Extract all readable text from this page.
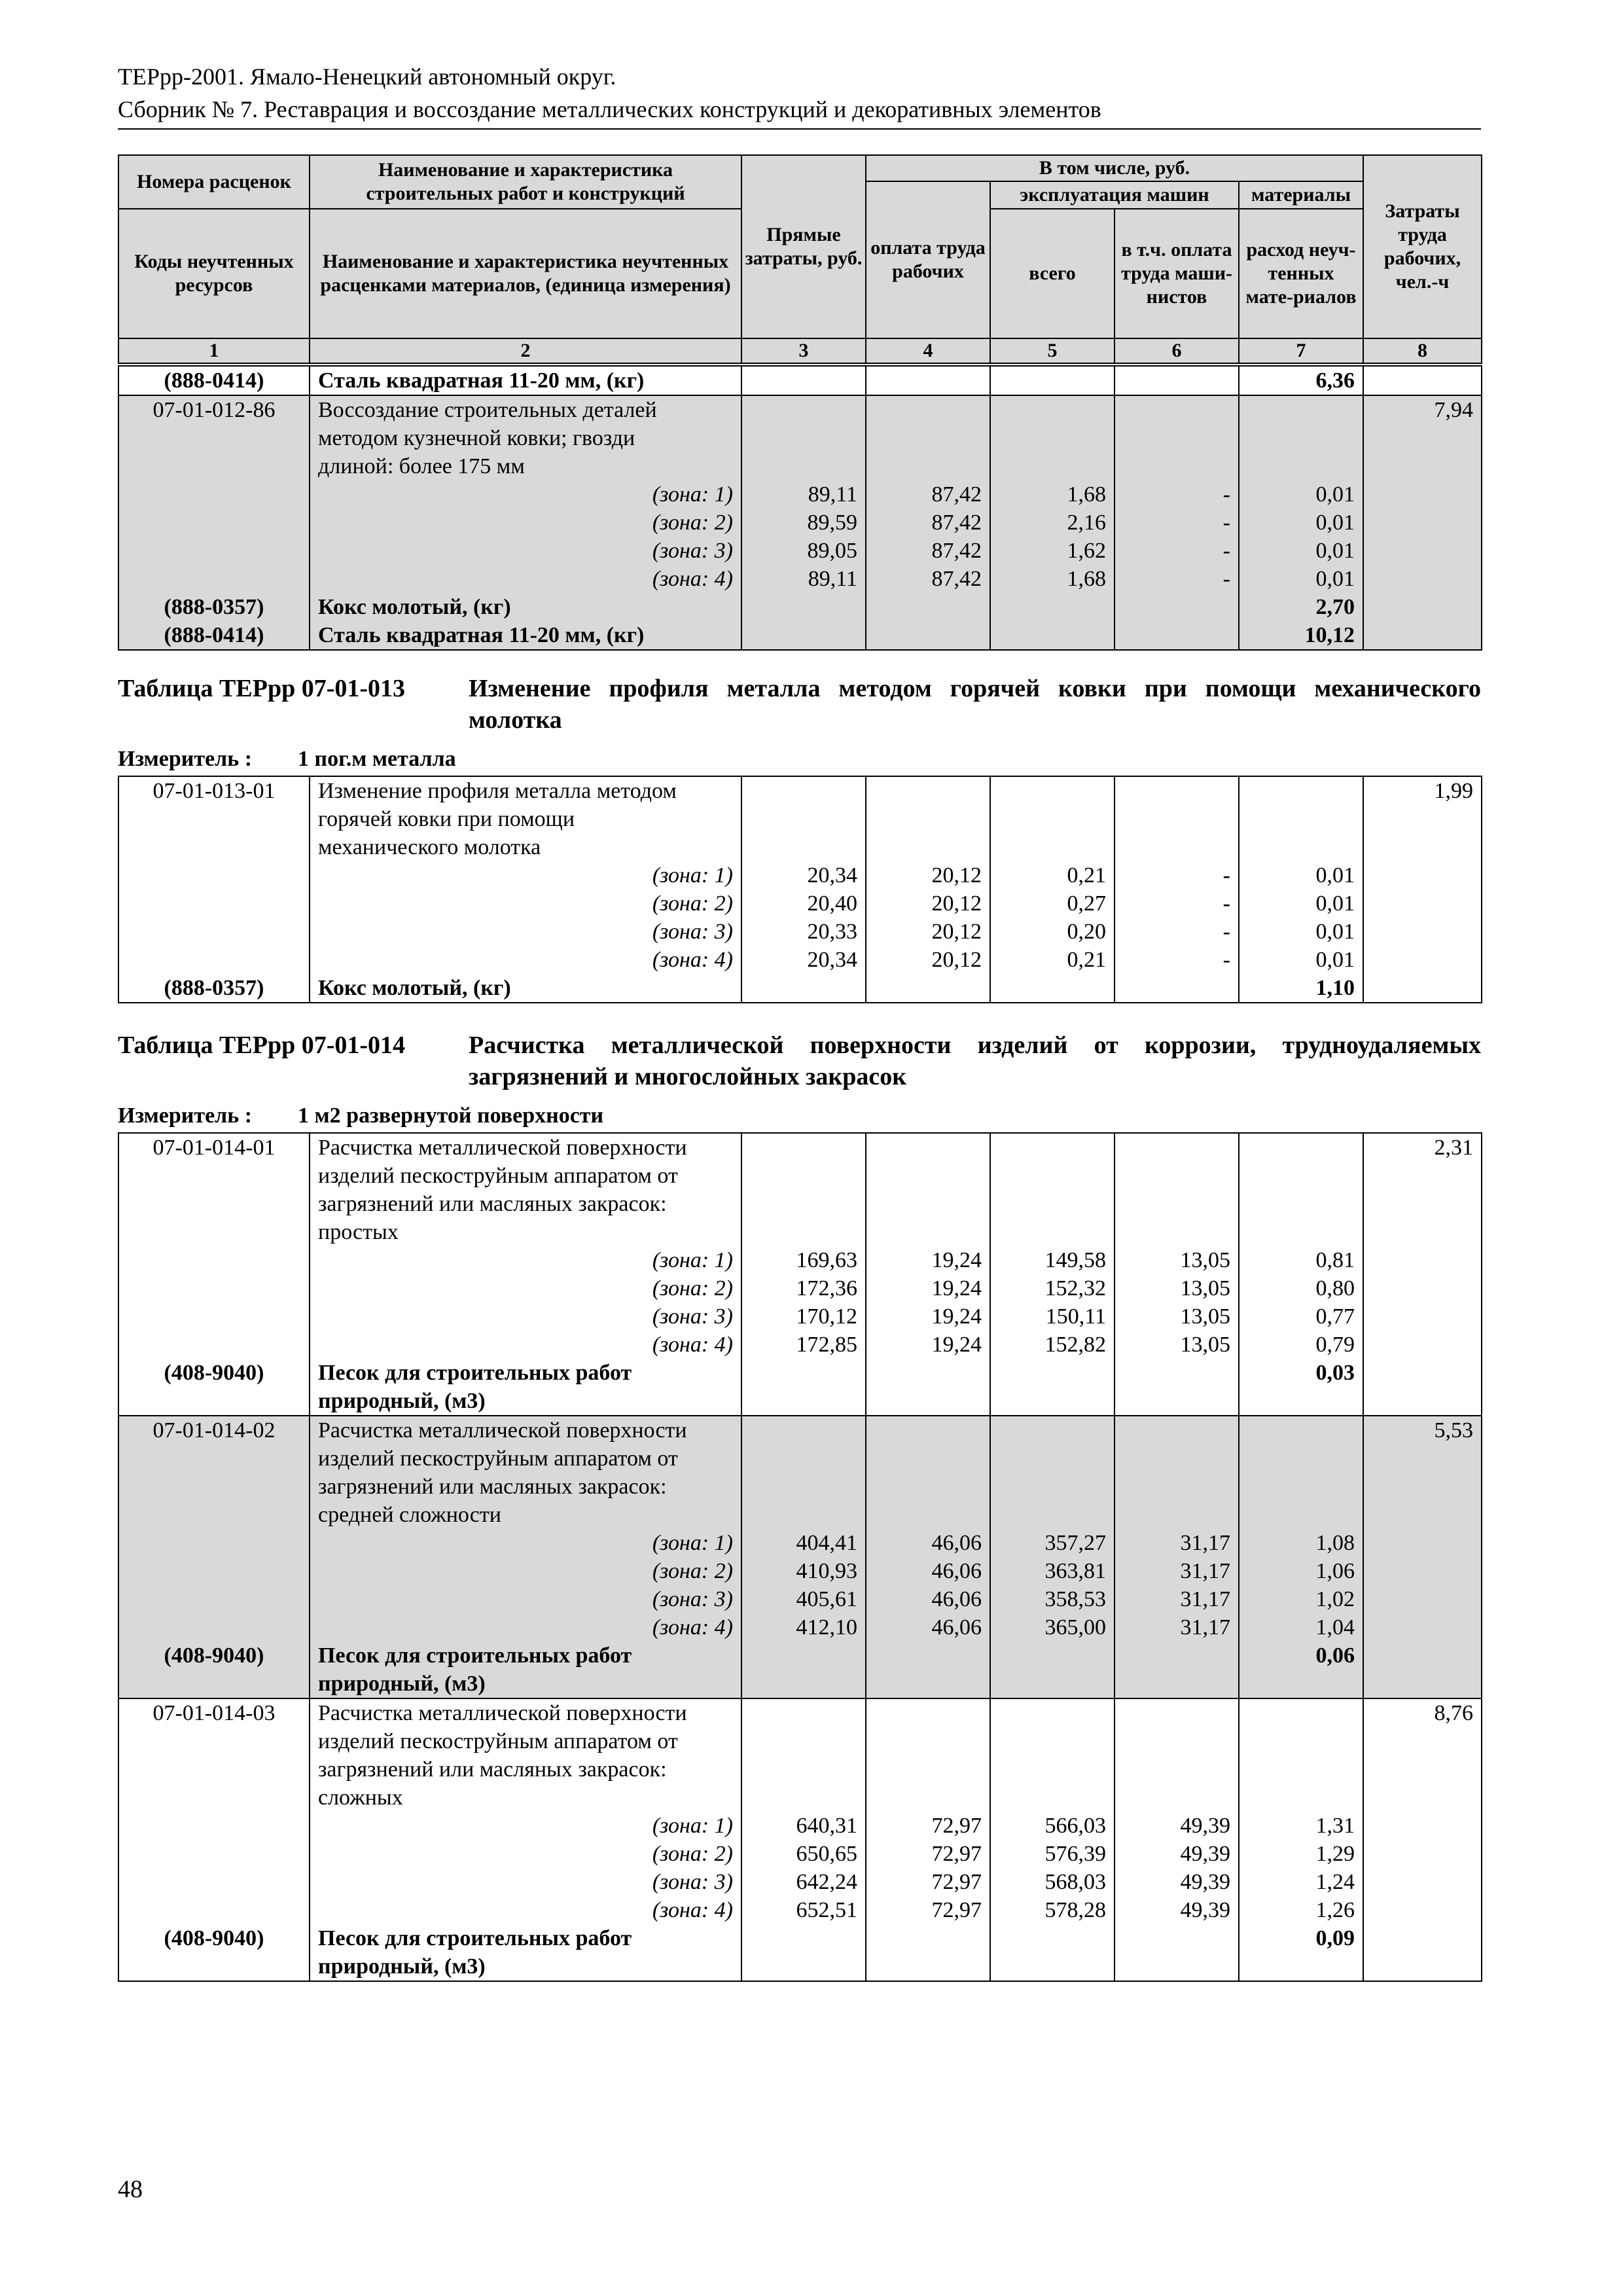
ТЕРрр-2001. Ямало-Ненецкий автономный округ.
Сборник № 7. Реставрация и воссоздание металлических конструкций и декоративных элементов
Номера расценок	Наименование и характеристика строительных работ и конструкций	Прямые затраты, руб.	В том числе, руб.				Затраты труда рабочих, чел.-ч
			оплата труда рабочих	эксплуатация машин		материалы	
Коды неучтенных ресурсов	Наименование и характеристика неучтенных расценками материалов, (единица измерения)			всего	в т.ч. оплата труда маши-нистов	расход неуч-тенных мате-риалов	

1	2	3	4	5	6	7	8
(888-0414)	Сталь квадратная 11-20 мм, (кг)					6,36	
07-01-012-86	Воссоздание строительных деталей
методом кузнечной ковки; гвозди
длиной: более 175 мм						7,94
	(зона: 1)	89,11	87,42	1,68	-	0,01	
	(зона: 2)	89,59	87,42	2,16	-	0,01	
	(зона: 3)	89,05	87,42	1,62	-	0,01	
	(зона: 4)	89,11	87,42	1,68	-	0,01	
(888-0357)	Кокс молотый, (кг)					2,70	
(888-0414)	Сталь квадратная 11-20 мм, (кг)					10,12	
Таблица ТЕРрр 07-01-013	Изменение профиля металла методом горячей ковки при помощи механического молотка
Измеритель : 1 пог.м металла
07-01-013-01	Изменение профиля металла методом
горячей ковки при помощи
механического молотка						1,99
	(зона: 1)	20,34	20,12	0,21	-	0,01	
	(зона: 2)	20,40	20,12	0,27	-	0,01	
	(зона: 3)	20,33	20,12	0,20	-	0,01	
	(зона: 4)	20,34	20,12	0,21	-	0,01	
(888-0357)	Кокс молотый, (кг)					1,10	
Таблица ТЕРрр 07-01-014	Расчистка металлической поверхности изделий от коррозии, трудноудаляемых загрязнений и многослойных закрасок
Измеритель : 1 м2 развернутой поверхности
07-01-014-01	Расчистка металлической поверхности
изделий пескоструйным аппаратом от
загрязнений или масляных закрасок:
простых						2,31
	(зона: 1)	169,63	19,24	149,58	13,05	0,81	
	(зона: 2)	172,36	19,24	152,32	13,05	0,80	
	(зона: 3)	170,12	19,24	150,11	13,05	0,77	
	(зона: 4)	172,85	19,24	152,82	13,05	0,79	
(408-9040)	Песок для строительных работ
природный, (м3)					0,03	
07-01-014-02	Расчистка металлической поверхности
изделий пескоструйным аппаратом от
загрязнений или масляных закрасок:
средней сложности						5,53
	(зона: 1)	404,41	46,06	357,27	31,17	1,08	
	(зона: 2)	410,93	46,06	363,81	31,17	1,06	
	(зона: 3)	405,61	46,06	358,53	31,17	1,02	
	(зона: 4)	412,10	46,06	365,00	31,17	1,04	
(408-9040)	Песок для строительных работ
природный, (м3)					0,06	
07-01-014-03	Расчистка металлической поверхности
изделий пескоструйным аппаратом от
загрязнений или масляных закрасок:
сложных						8,76
	(зона: 1)	640,31	72,97	566,03	49,39	1,31	
	(зона: 2)	650,65	72,97	576,39	49,39	1,29	
	(зона: 3)	642,24	72,97	568,03	49,39	1,24	
	(зона: 4)	652,51	72,97	578,28	49,39	1,26	
(408-9040)	Песок для строительных работ
природный, (м3)					0,09	
48
